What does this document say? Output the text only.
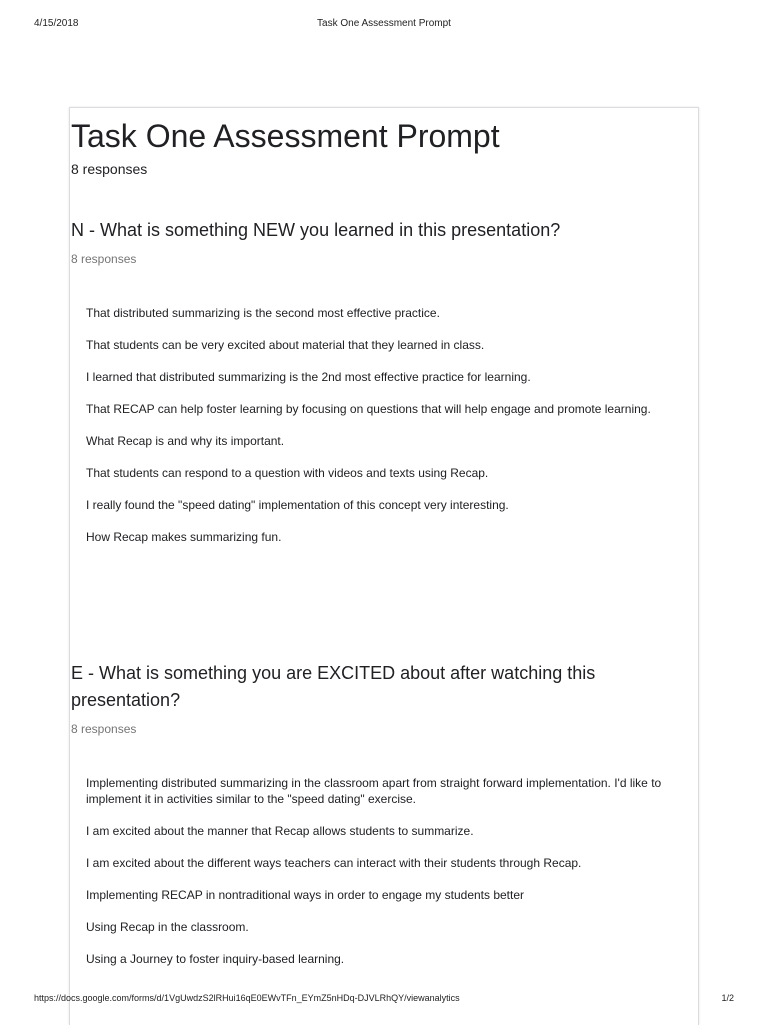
4/15/2018	Task One Assessment Prompt
Task One Assessment Prompt
8 responses
N - What is something NEW you learned in this presentation?
8 responses
That distributed summarizing is the second most effective practice.
That students can be very excited about material that they learned in class.
I learned that distributed summarizing is the 2nd most effective practice for learning.
That RECAP can help foster learning by focusing on questions that will help engage and promote learning.
What Recap is and why its important.
That students can respond to a question with videos and texts using Recap.
I really found the "speed dating" implementation of this concept very interesting.
How Recap makes summarizing fun.
E - What is something you are EXCITED about after watching this presentation?
8 responses
Implementing distributed summarizing in the classroom apart from straight forward implementation. I'd like to implement it in activities similar to the "speed dating" exercise.
I am excited about the manner that Recap allows students to summarize.
I am excited about the different ways teachers can interact with their students through Recap.
Implementing RECAP in nontraditional ways in order to engage my students better
Using Recap in the classroom.
Using a Journey to foster inquiry-based learning.
https://docs.google.com/forms/d/1VgUwdzS2lRHui16qE0EWvTFn_EYmZ5nHDq-DJVLRhQY/viewanalytics	1/2
